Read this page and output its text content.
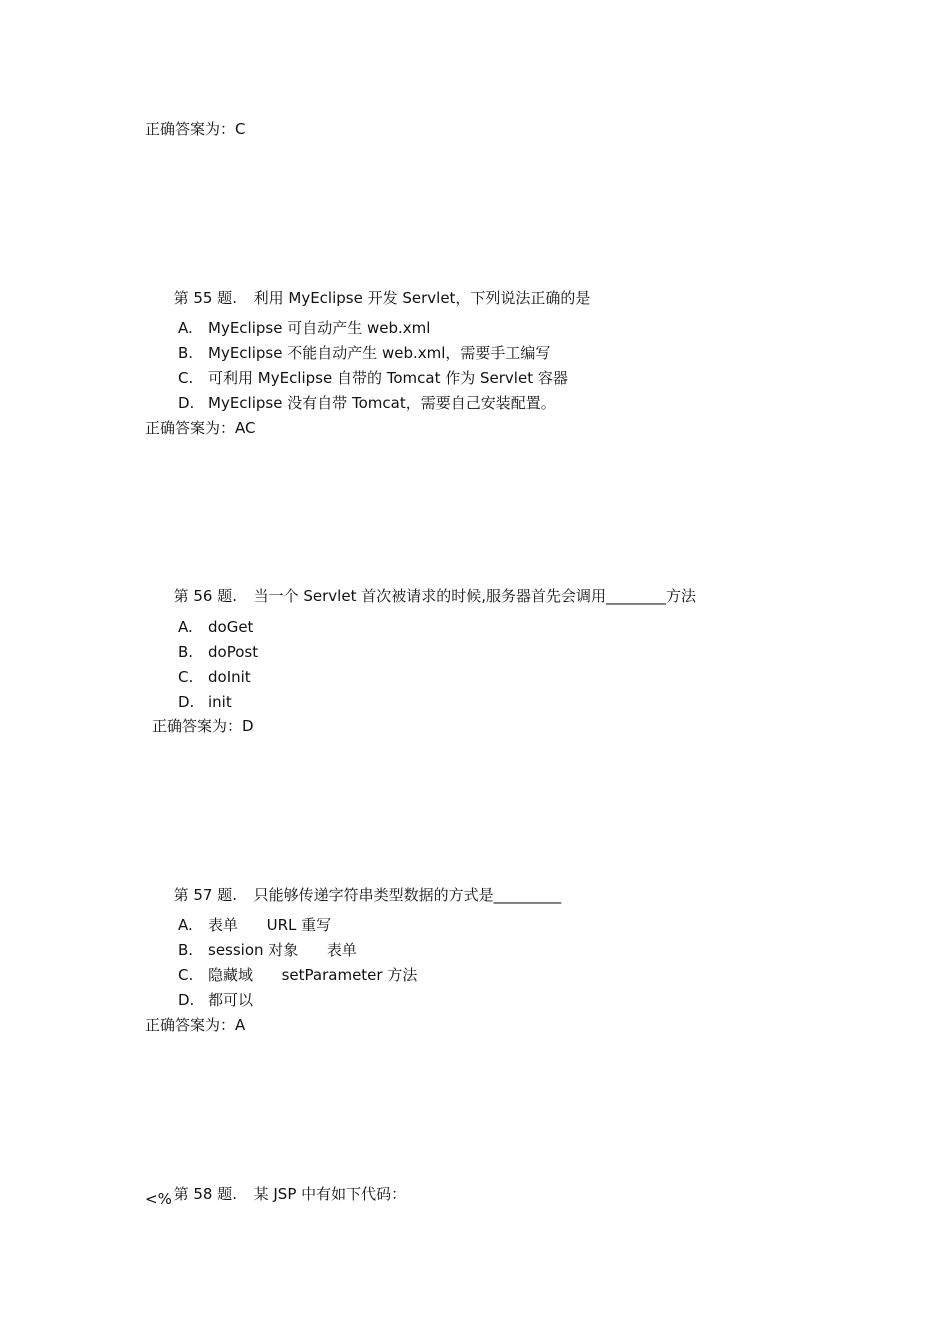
正确答案为：C

第 55 题. 利用 MyEclipse 开发 Servlet，下列说法正确的是

A. MyEclipse 可自动产生 web.xml
B. MyEclipse 不能自动产生 web.xml，需要手工编写
C. 可利用 MyEclipse 自带的 Tomcat 作为 Servlet 容器
D. MyEclipse 没有自带 Tomcat，需要自己安装配置。
正确答案为：AC

第 56 题. 当一个 Servlet 首次被请求的时候,服务器首先会调用________方法

A. doGet
B. doPost
C. doInit
D. init
正确答案为：D

第 57 题. 只能够传递字符串类型数据的方式是_________

A. 表单      URL 重写
B. session 对象      表单
C. 隐藏域      setParameter 方法
D. 都可以
正确答案为：A

第 58 题. 某 JSP 中有如下代码：

<%
